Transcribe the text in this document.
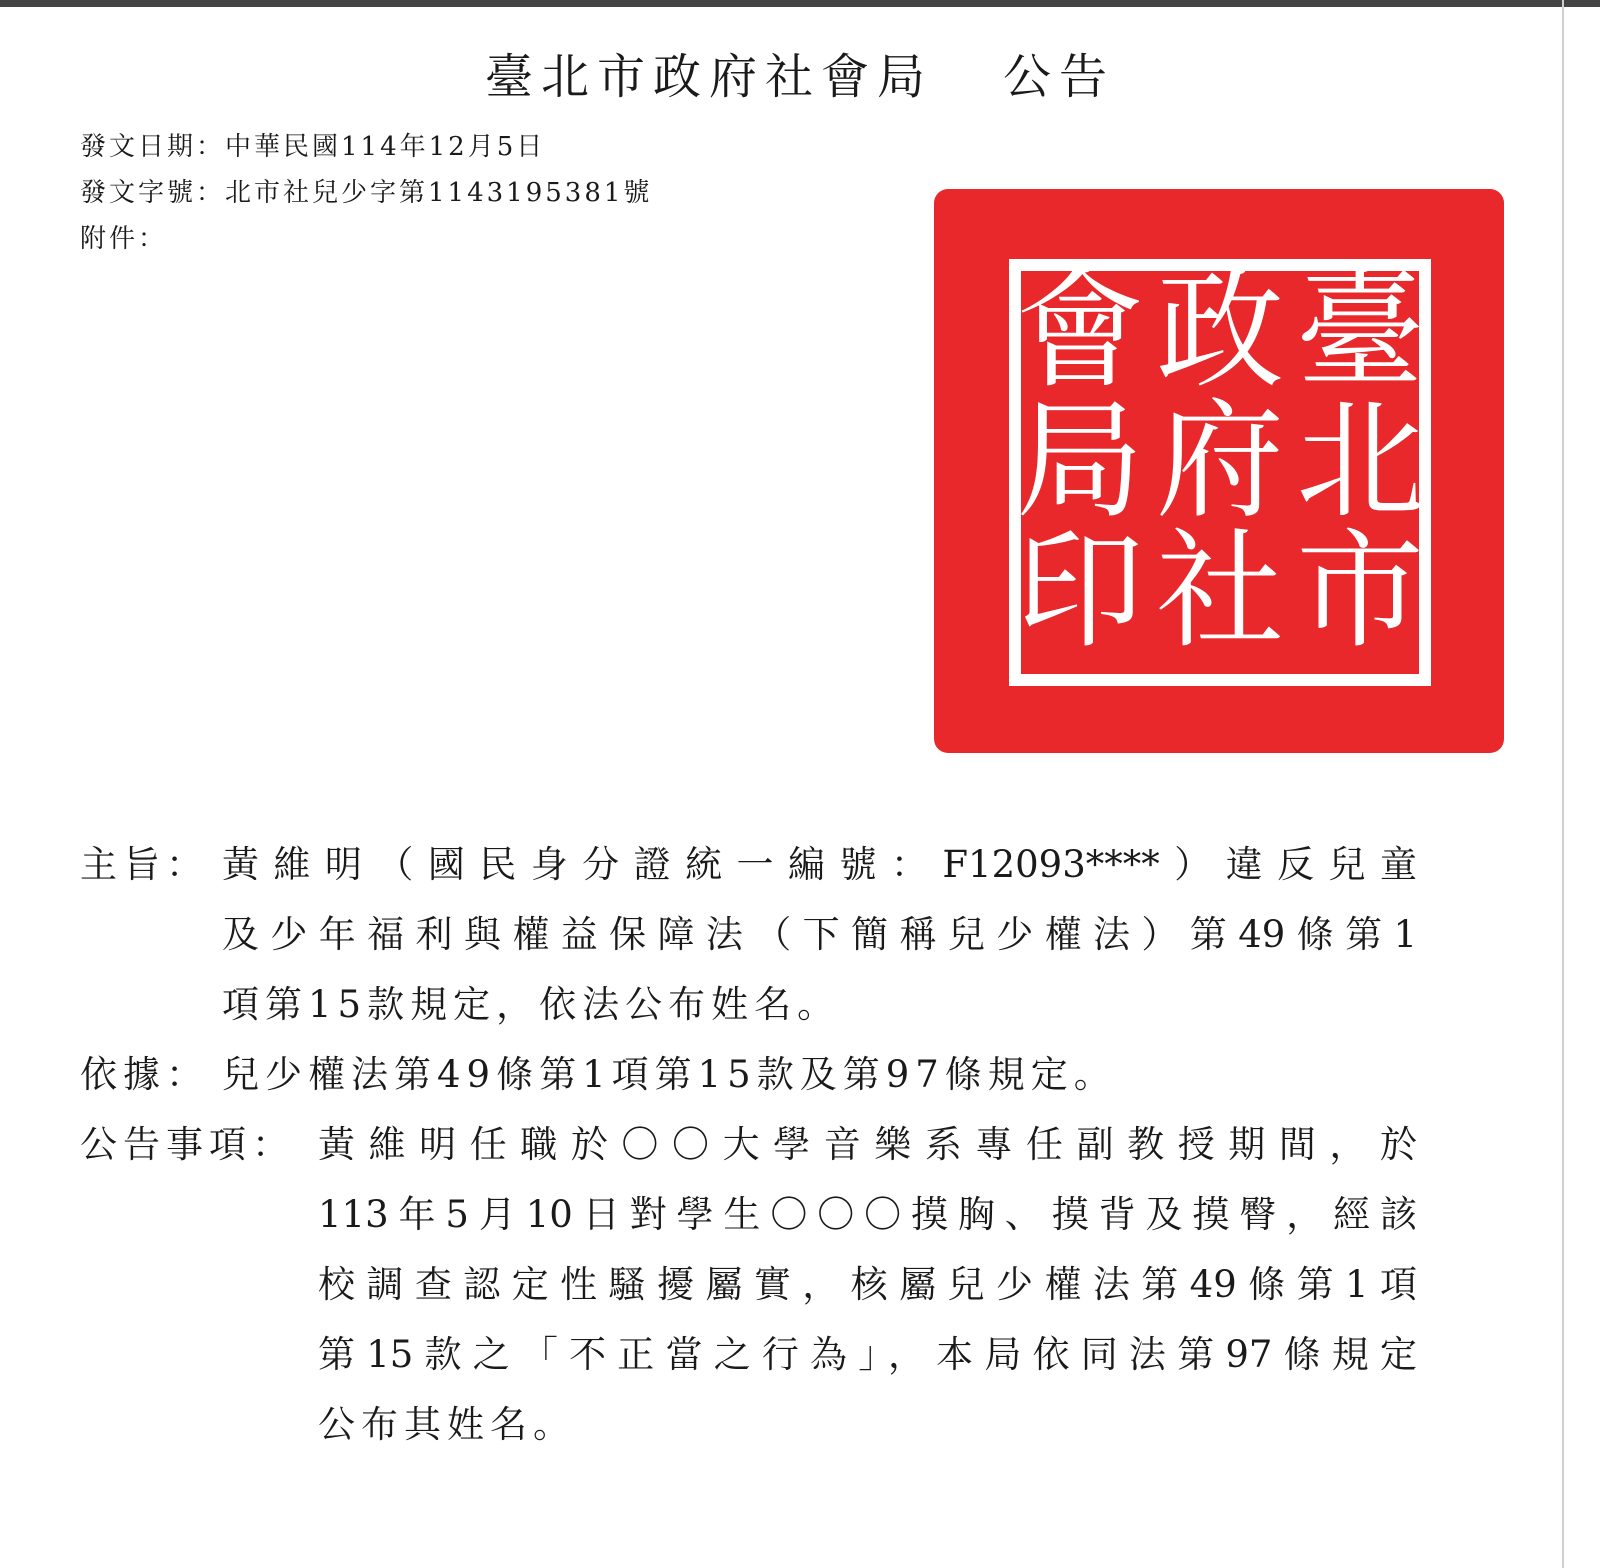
臺北市政府社會局 公告
發文日期：中華民國114年12月5日
發文字號：北市社兒少字第1143195381號
附件：
臺
北
市
政
府
社
會
局
印
主旨： 黃維明（國民身分證統一編號：F12093****）違反兒童
及少年福利與權益保障法（下簡稱兒少權法）第49條第1
項第15款規定，依法公布姓名。
依據： 兒少權法第49條第1項第15款及第97條規定。
公告事項： 黃維明任職於〇〇大學音樂系專任副教授期間，於
113年5月10日對學生〇〇〇摸胸、摸背及摸臀，經該
校調查認定性騷擾屬實，核屬兒少權法第49條第1項
第15款之「不正當之行為」，本局依同法第97條規定
公布其姓名。
